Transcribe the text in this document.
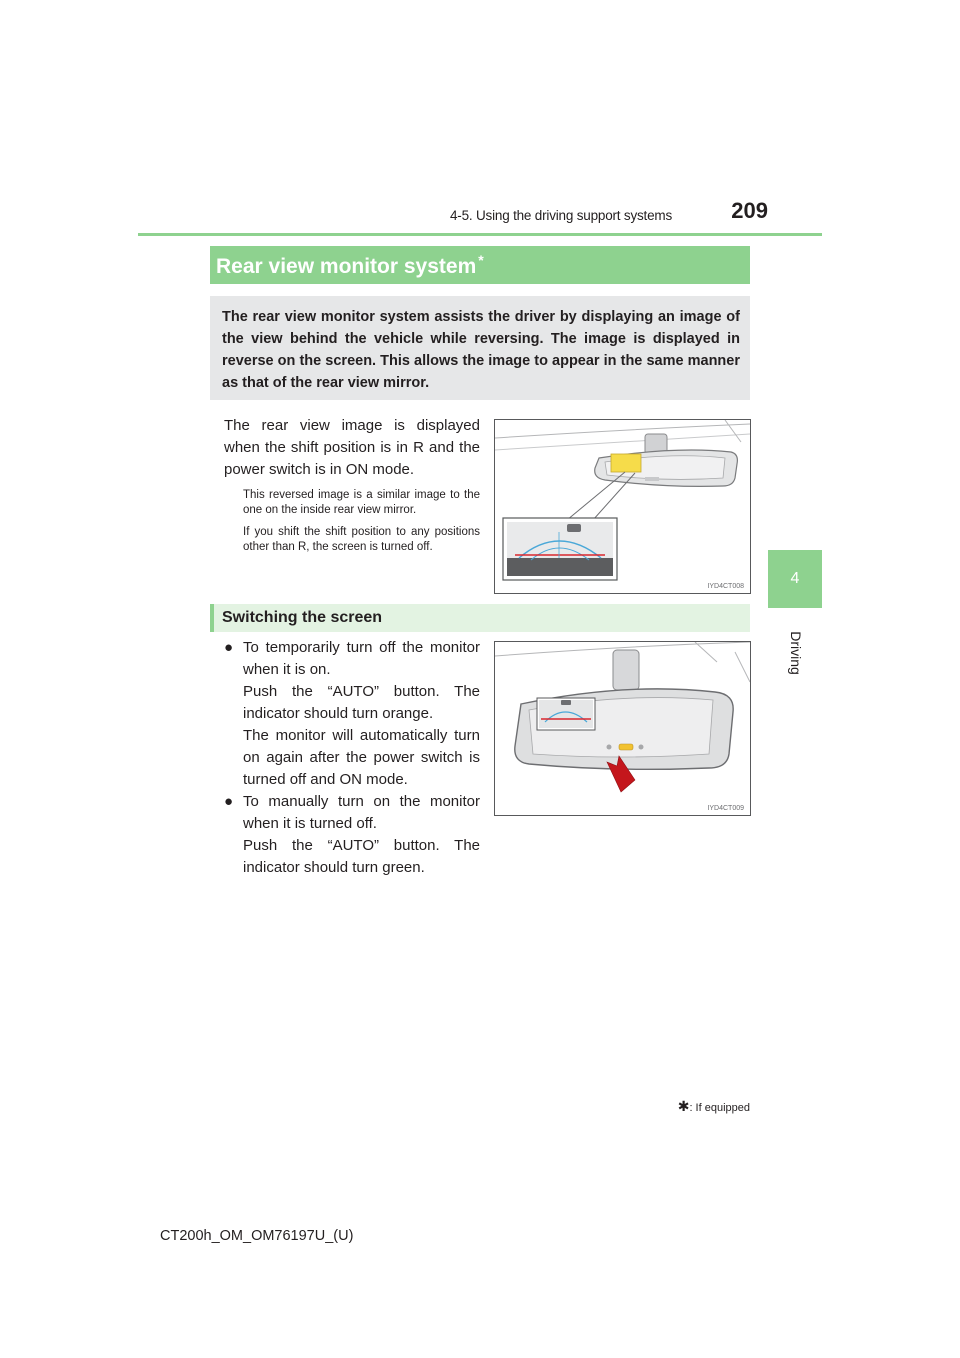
4-5. Using the driving support systems	209
4
Driving
Rear view monitor system *
The rear view monitor system assists the driver by displaying an image of the view behind the vehicle while reversing. The image is displayed in reverse on the screen. This allows the image to appear in the same manner as that of the rear view mirror.
The rear view image is displayed when the shift position is in R and the power switch is in ON mode.
This reversed image is a similar image to the one on the inside rear view mirror.
If you shift the shift position to any positions other than R, the screen is turned off.
IYD4CT008
Switching the screen
● To temporarily turn off the monitor when it is on.
Push the “AUTO” button. The indicator should turn orange.
The monitor will automatically turn on again after the power switch is turned off and ON mode.
● To manually turn on the monitor when it is turned off.
Push the “AUTO” button. The indicator should turn green.
IYD4CT009
✱: If equipped
CT200h_OM_OM76197U_(U)
